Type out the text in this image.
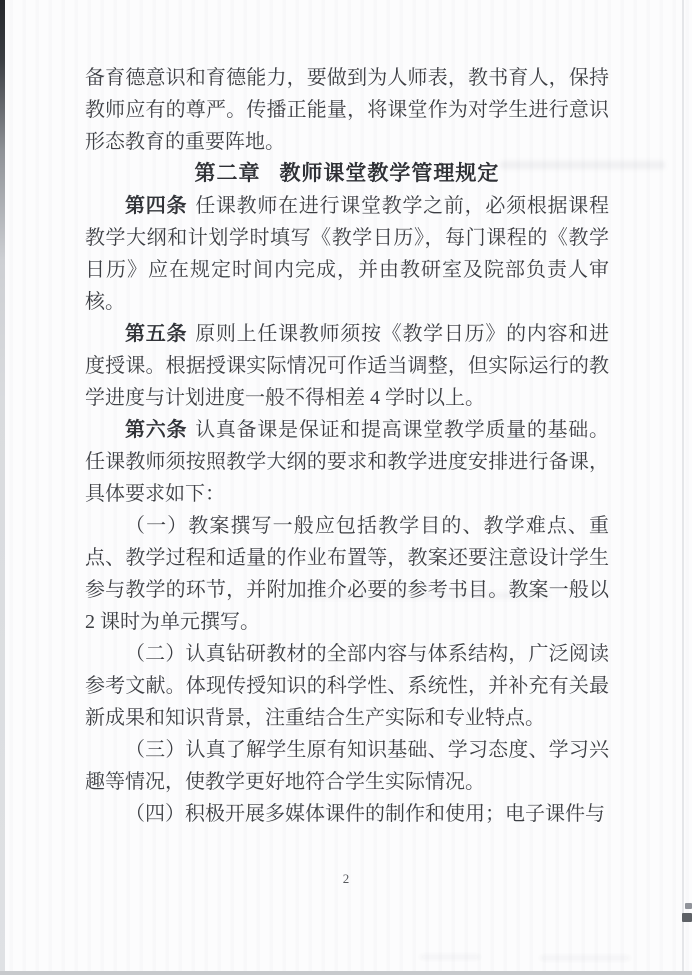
备育德意识和育德能力，要做到为人师表，教书育人，保持教师应有的尊严。传播正能量，将课堂作为对学生进行意识形态教育的重要阵地。

第二章 教师课堂教学管理规定

第四条 任课教师在进行课堂教学之前，必须根据课程教学大纲和计划学时填写《教学日历》，每门课程的《教学日历》应在规定时间内完成，并由教研室及院部负责人审核。

第五条 原则上任课教师须按《教学日历》的内容和进度授课。根据授课实际情况可作适当调整，但实际运行的教学进度与计划进度一般不得相差 4 学时以上。

第六条 认真备课是保证和提高课堂教学质量的基础。任课教师须按照教学大纲的要求和教学进度安排进行备课，具体要求如下：

（一）教案撰写一般应包括教学目的、教学难点、重点、教学过程和适量的作业布置等，教案还要注意设计学生参与教学的环节，并附加推介必要的参考书目。教案一般以 2 课时为单元撰写。

（二）认真钻研教材的全部内容与体系结构，广泛阅读参考文献。体现传授知识的科学性、系统性，并补充有关最新成果和知识背景，注重结合生产实际和专业特点。

（三）认真了解学生原有知识基础、学习态度、学习兴趣等情况，使教学更好地符合学生实际情况。

（四）积极开展多媒体课件的制作和使用；电子课件与

2
